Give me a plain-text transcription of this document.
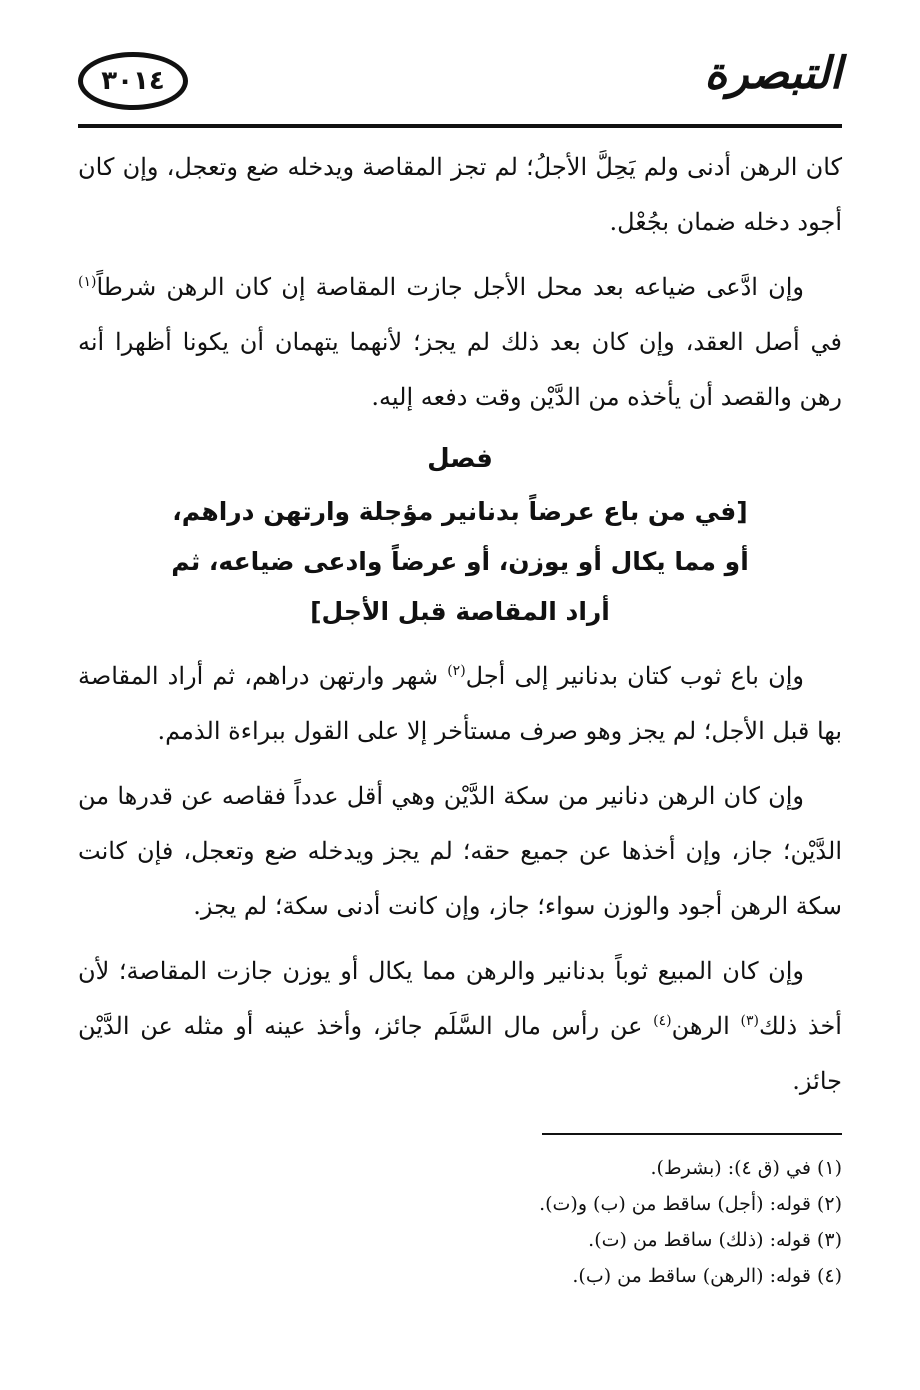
٣٠١٤	التبصرة

كان الرهن أدنى ولم يَحِلَّ الأجلُ؛ لم تجز المقاصة ويدخله ضع وتعجل، وإن كان أجود دخله ضمان بجُعْل.

وإن ادَّعى ضياعه بعد محل الأجل جازت المقاصة إن كان الرهن شرطاً$^{(١)}$ في أصل العقد، وإن كان بعد ذلك لم يجز؛ لأنهما يتهمان أن يكونا أظهرا أنه رهن والقصد أن يأخذه من الدَّيْن وقت دفعه إليه.

فصل
[في من باع عرضاً بدنانير مؤجلة وارتهن دراهم، أو مما يكال أو يوزن، أو عرضاً وادعى ضياعه، ثم أراد المقاصة قبل الأجل]

وإن باع ثوب كتان بدنانير إلى أجل$^{(٢)}$ شهر وارتهن دراهم، ثم أراد المقاصة بها قبل الأجل؛ لم يجز وهو صرف مستأخر إلا على القول ببراءة الذمم.

وإن كان الرهن دنانير من سكة الدَّيْن وهي أقل عدداً فقاصه عن قدرها من الدَّيْن؛ جاز، وإن أخذها عن جميع حقه؛ لم يجز ويدخله ضع وتعجل، فإن كانت سكة الرهن أجود والوزن سواء؛ جاز، وإن كانت أدنى سكة؛ لم يجز.

وإن كان المبيع ثوباً بدنانير والرهن مما يكال أو يوزن جازت المقاصة؛ لأن أخذ ذلك$^{(٣)}$ الرهن$^{(٤)}$ عن رأس مال السَّلَم جائز، وأخذ عينه أو مثله عن الدَّيْن جائز.

(١) في (ق ٤): (بشرط).

(٢) قوله: (أجل) ساقط من (ب) و(ت).

(٣) قوله: (ذلك) ساقط من (ت).

(٤) قوله: (الرهن) ساقط من (ب).
